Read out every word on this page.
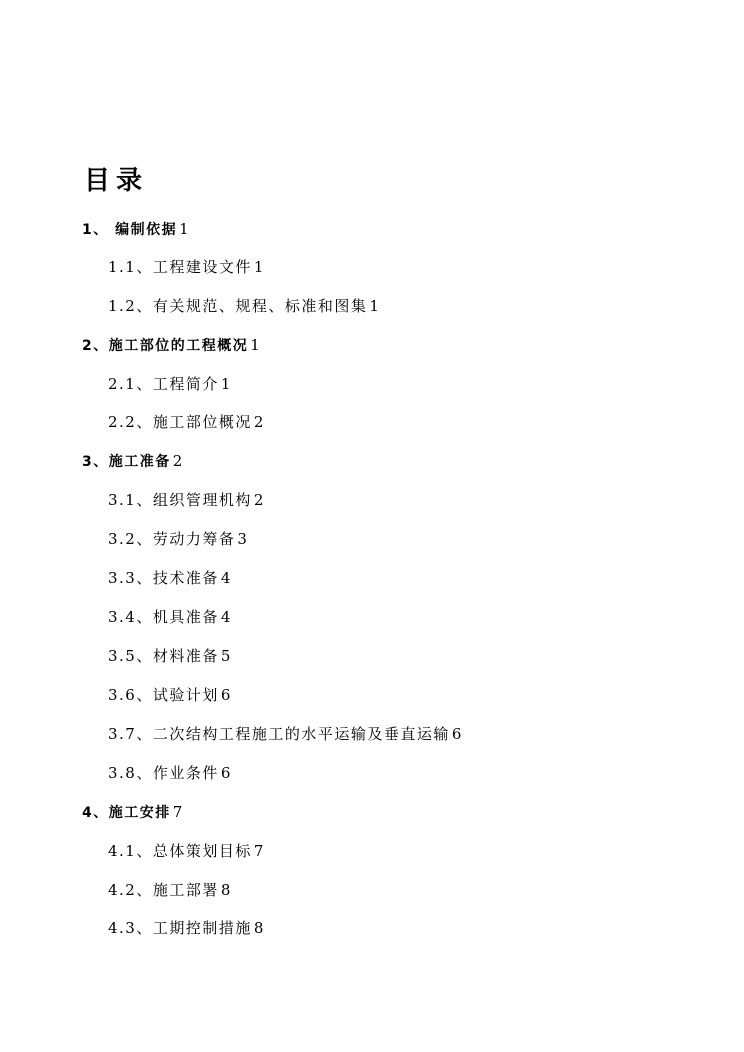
目录
1、 编制依据 1
1.1、工程建设文件 1
1.2、有关规范、规程、标准和图集 1
2、施工部位的工程概况 1
2.1、工程简介 1
2.2、施工部位概况 2
3、施工准备 2
3.1、组织管理机构 2
3.2、劳动力筹备 3
3.3、技术准备 4
3.4、机具准备 4
3.5、材料准备 5
3.6、试验计划 6
3.7、二次结构工程施工的水平运输及垂直运输 6
3.8、作业条件 6
4、施工安排 7
4.1、总体策划目标 7
4.2、施工部署 8
4.3、工期控制措施 8
